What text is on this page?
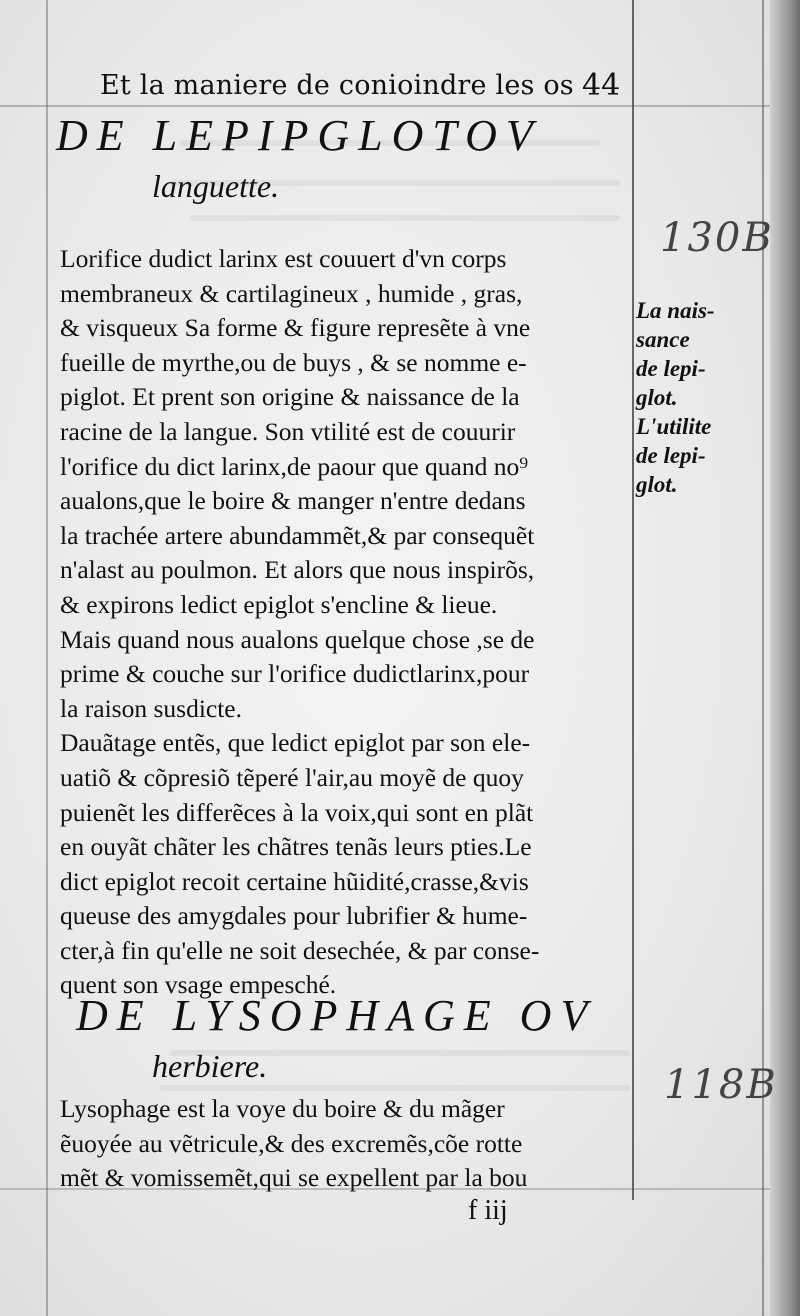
Et la maniere de conioindre les os 44
DE LEPIPGLOTOV
languette.
Lorifice dudict larinx est couuert d'vn corps
membraneux & cartilagineux , humide , gras,
& visqueux Sa forme & figure represẽte à vne
fueille de myrthe,ou de buys , & se nomme e-
piglot. Et prent son origine & naissance de la
racine de la langue. Son vtilité est de couurir
l'orifice du dict larinx,de paour que quand no⁹
aualons,que le boire & manger n'entre dedans
la trachée artere abundammẽt,& par consequẽt
n'alast au poulmon. Et alors que nous inspirõs,
& expirons ledict epiglot s'encline & lieue.
Mais quand nous aualons quelque chose ,se de
prime & couche sur l'orifice dudictlarinx,pour
la raison susdicte.
Dauãtage entẽs, que ledict epiglot par son ele-
uatiõ & cõpresiõ tẽperé l'air,au moyẽ de quoy
puienẽt les differẽces à la voix,qui sont en plãt
en ouyãt chãter les chãtres tenãs leurs pties.Le
dict epiglot recoit certaine hũidité,crasse,&vis
queuse des amygdales pour lubrifier & hume-
cter,à fin qu'elle ne soit desechée, & par conse-
quent son vsage empesché.
DE LYSOPHAGE OV
herbiere.
Lysophage est la voye du boire & du mãger
ẽuoyée au vẽtricule,& des excremẽs,cõe rotte
mẽt & vomissemẽt,qui se expellent par la bou
La nais-
sance
de lepi-
glot.
L'utilite
de lepi-
glot.
130B
118B
f iij
